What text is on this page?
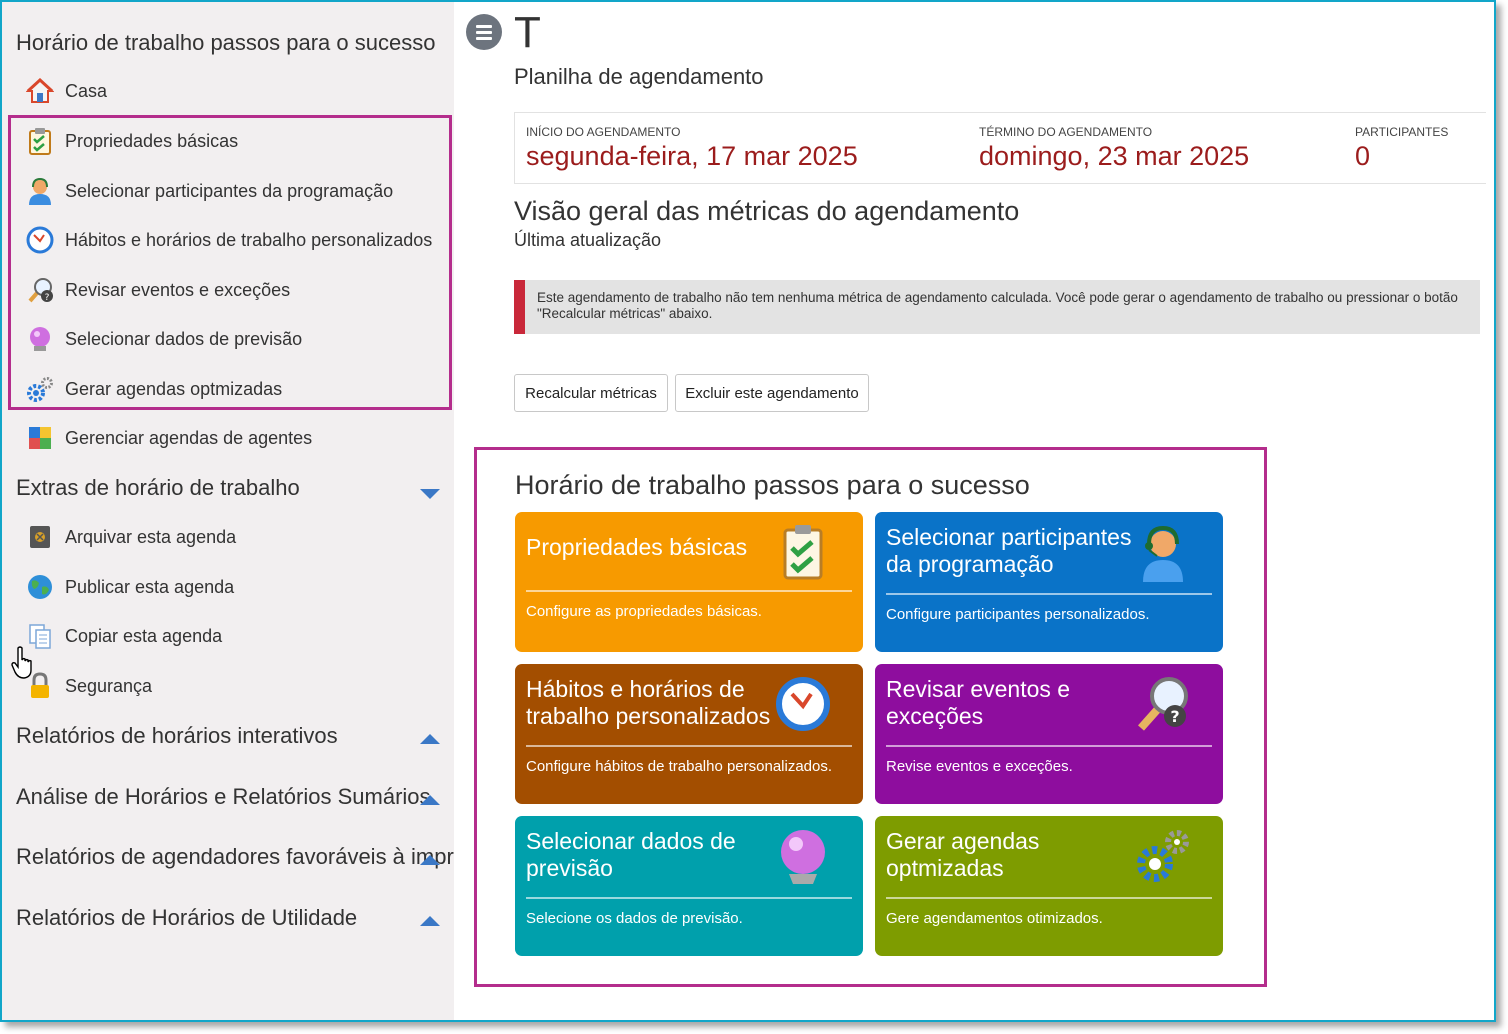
Horário de trabalho passos para o sucesso
Casa
Propriedades básicas
Selecionar participantes da programação
Hábitos e horários de trabalho personalizados
? Revisar eventos e exceções
Selecionar dados de previsão
Gerar agendas optmizadas
Gerenciar agendas de agentes
Extras de horário de trabalho
Arquivar esta agenda
Publicar esta agenda
Copiar esta agenda
Segurança
Relatórios de horários interativos
Análise de Horários e Relatórios Sumários
Relatórios de agendadores favoráveis à impr
Relatórios de Horários de Utilidade
T
Planilha de agendamento
INÍCIO DO AGENDAMENTO
segunda-feira, 17 mar 2025
TÉRMINO DO AGENDAMENTO
domingo, 23 mar 2025
PARTICIPANTES
0
Visão geral das métricas do agendamento
Última atualização
Este agendamento de trabalho não tem nenhuma métrica de agendamento calculada. Você pode gerar o agendamento de trabalho ou pressionar o botão "Recalcular métricas" abaixo.
Recalcular métricas	Excluir este agendamento
Horário de trabalho passos para o sucesso
Propriedades básicas
Configure as propriedades básicas.
Selecionar participantes da programação
Configure participantes personalizados.
Hábitos e horários de trabalho personalizados
Configure hábitos de trabalho personalizados.
Revisar eventos e exceções	?
Revise eventos e exceções.
Selecionar dados de previsão
Selecione os dados de previsão.
Gerar agendas optmizadas
Gere agendamentos otimizados.
